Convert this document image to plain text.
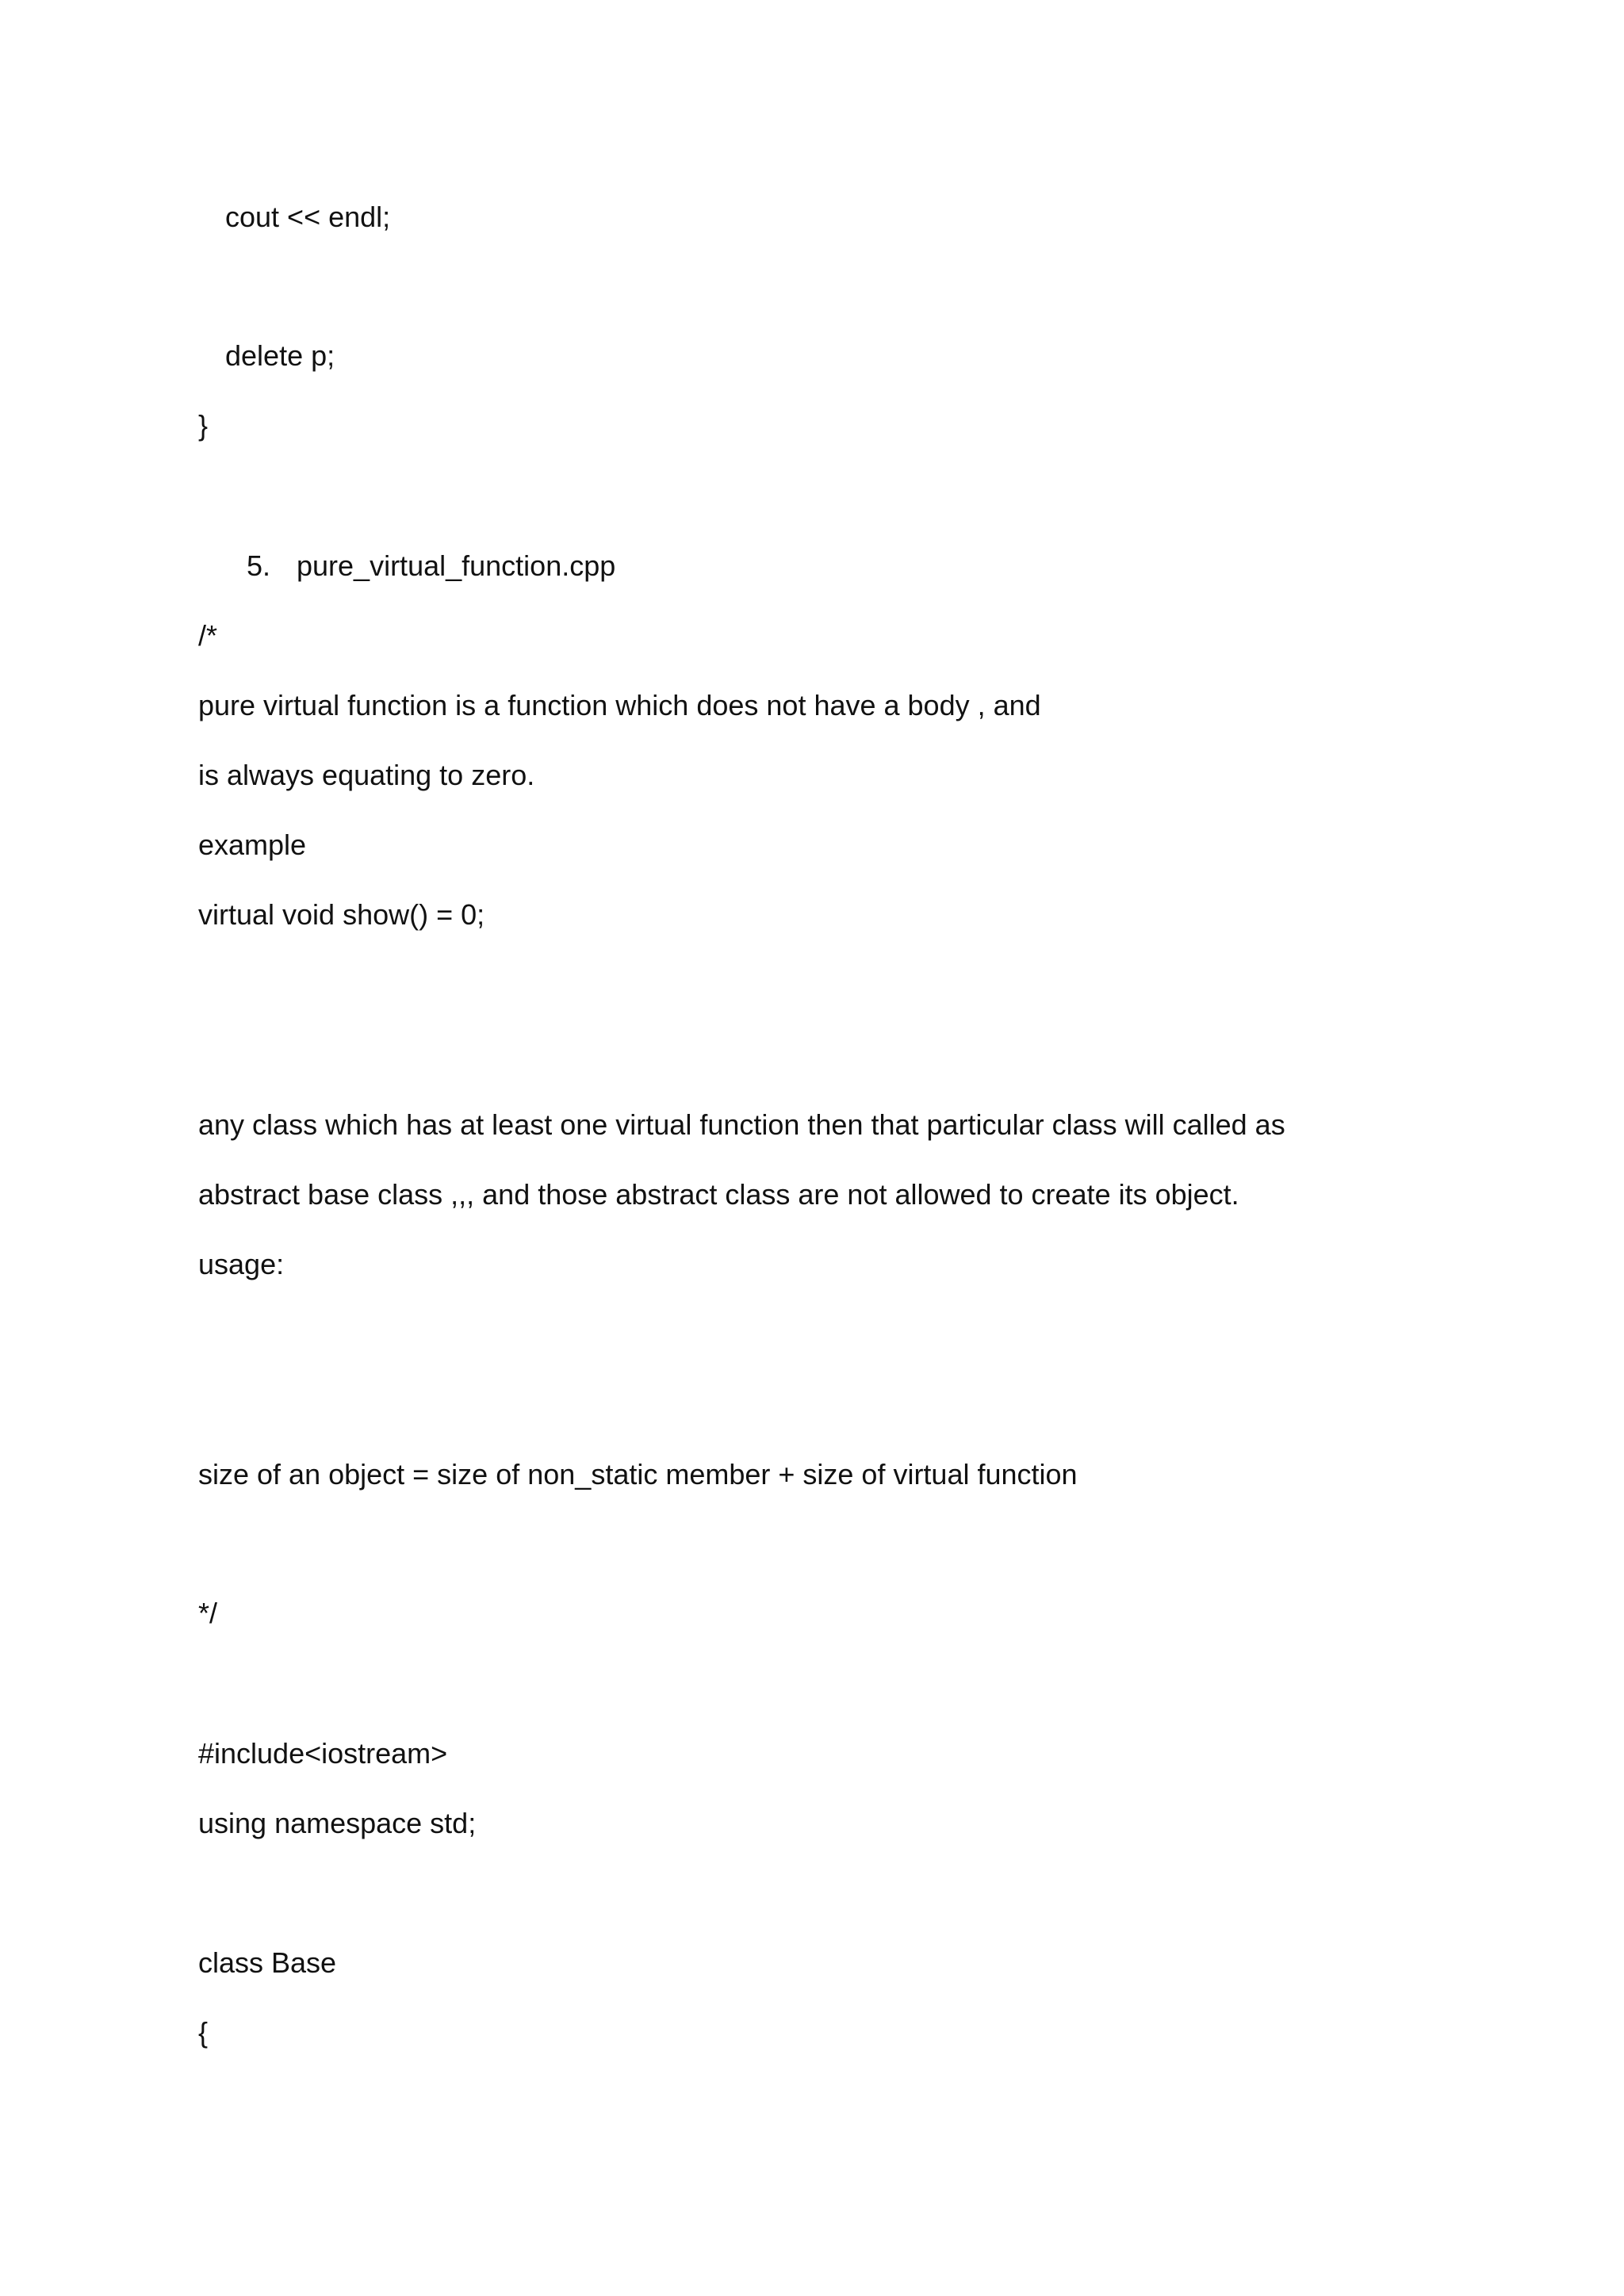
cout << endl;
delete p;
}
5. pure_virtual_function.cpp
/*
pure virtual function is a function which does not have a body , and
is always equating to zero.
example
virtual void show() = 0;
any class which has at least one virtual function then that particular class will called as
abstract base class ,,, and those abstract class are not allowed to create its object.
usage:
size of an object = size of non_static member + size of virtual function
*/
#include<iostream>
using namespace std;
class Base
{
